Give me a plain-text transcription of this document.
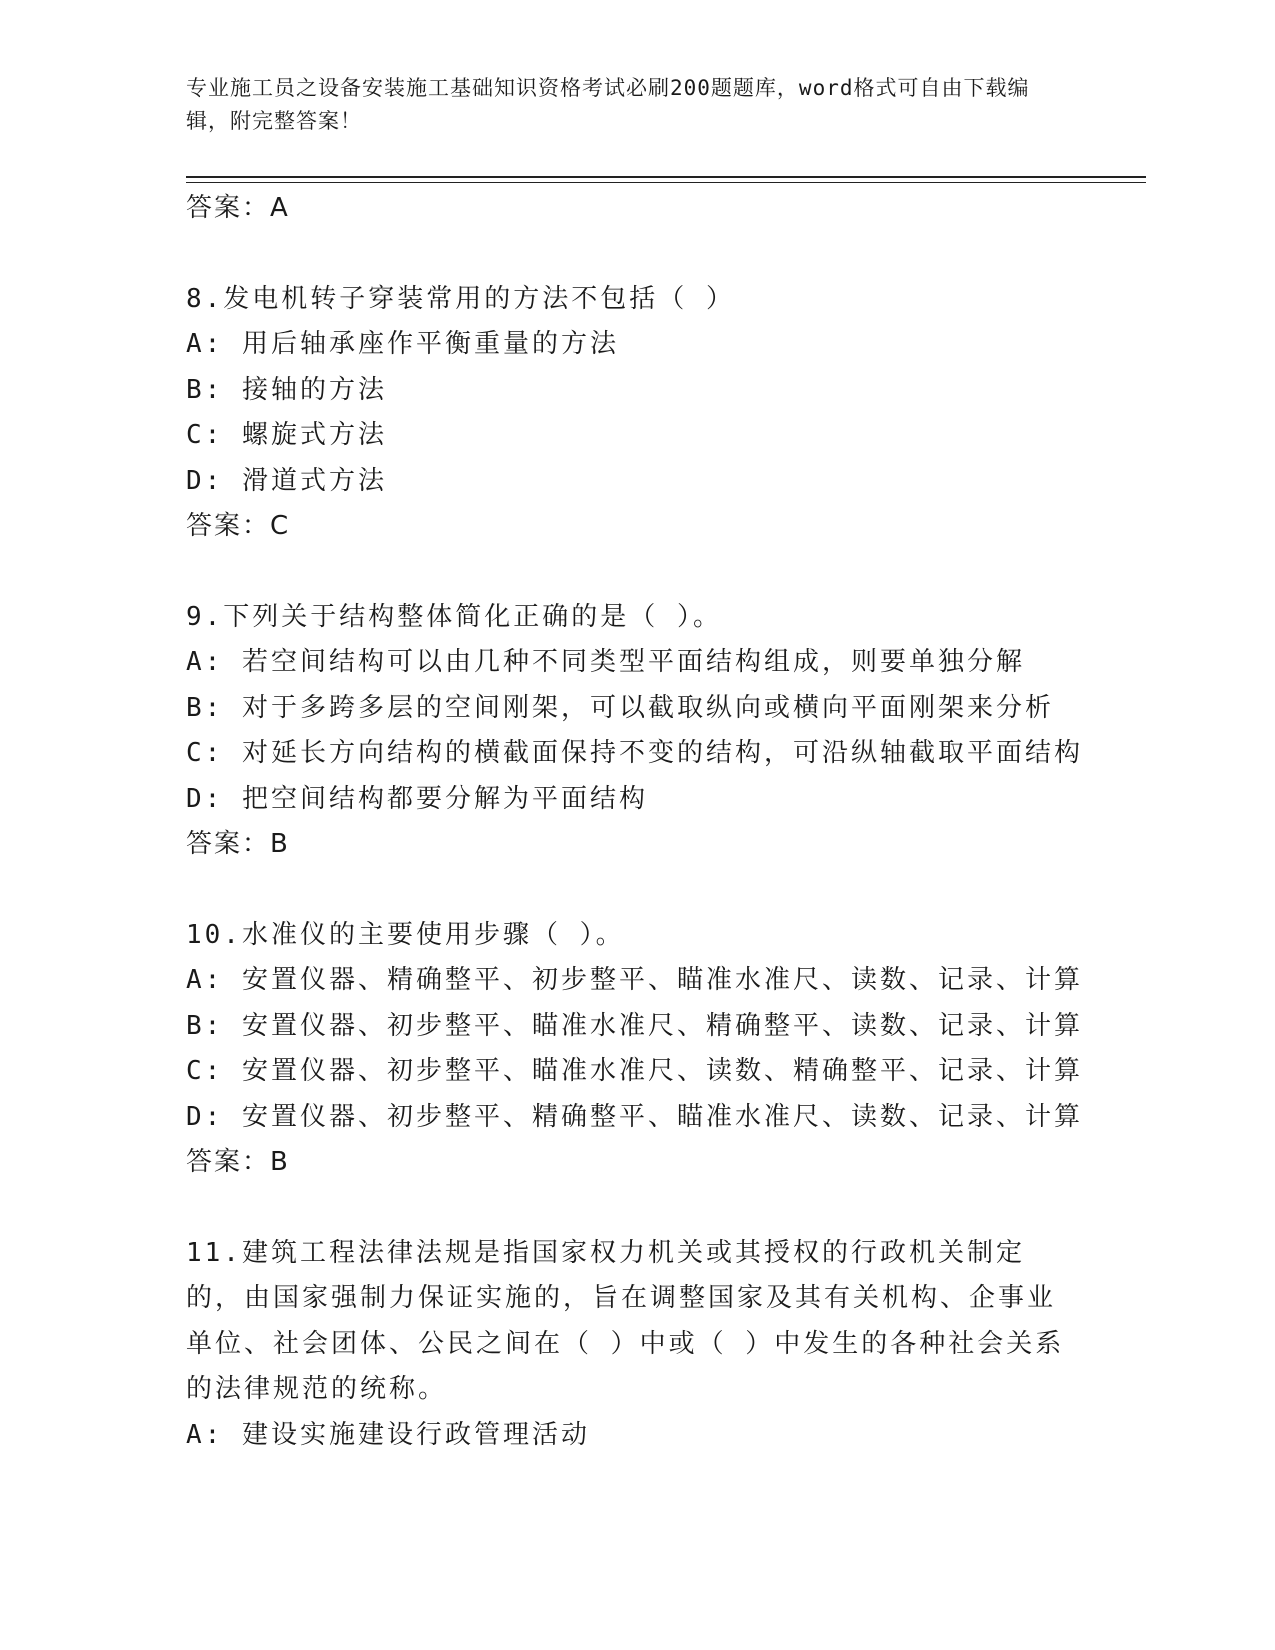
专业施工员之设备安装施工基础知识资格考试必刷200题题库，word格式可自由下载编辑，附完整答案！
答案：A
8.发电机转子穿装常用的方法不包括（ ）
A: 用后轴承座作平衡重量的方法
B: 接轴的方法
C: 螺旋式方法
D: 滑道式方法
答案：C
9.下列关于结构整体简化正确的是（ ）。
A: 若空间结构可以由几种不同类型平面结构组成，则要单独分解
B: 对于多跨多层的空间刚架，可以截取纵向或横向平面刚架来分析
C: 对延长方向结构的横截面保持不变的结构，可沿纵轴截取平面结构
D: 把空间结构都要分解为平面结构
答案：B
10.水准仪的主要使用步骤（ ）。
A: 安置仪器、精确整平、初步整平、瞄准水准尺、读数、记录、计算
B: 安置仪器、初步整平、瞄准水准尺、精确整平、读数、记录、计算
C: 安置仪器、初步整平、瞄准水准尺、读数、精确整平、记录、计算
D: 安置仪器、初步整平、精确整平、瞄准水准尺、读数、记录、计算
答案：B
11.建筑工程法律法规是指国家权力机关或其授权的行政机关制定的，由国家强制力保证实施的，旨在调整国家及其有关机构、企事业单位、社会团体、公民之间在（ ）中或（ ）中发生的各种社会关系的法律规范的统称。
A: 建设实施建设行政管理活动
